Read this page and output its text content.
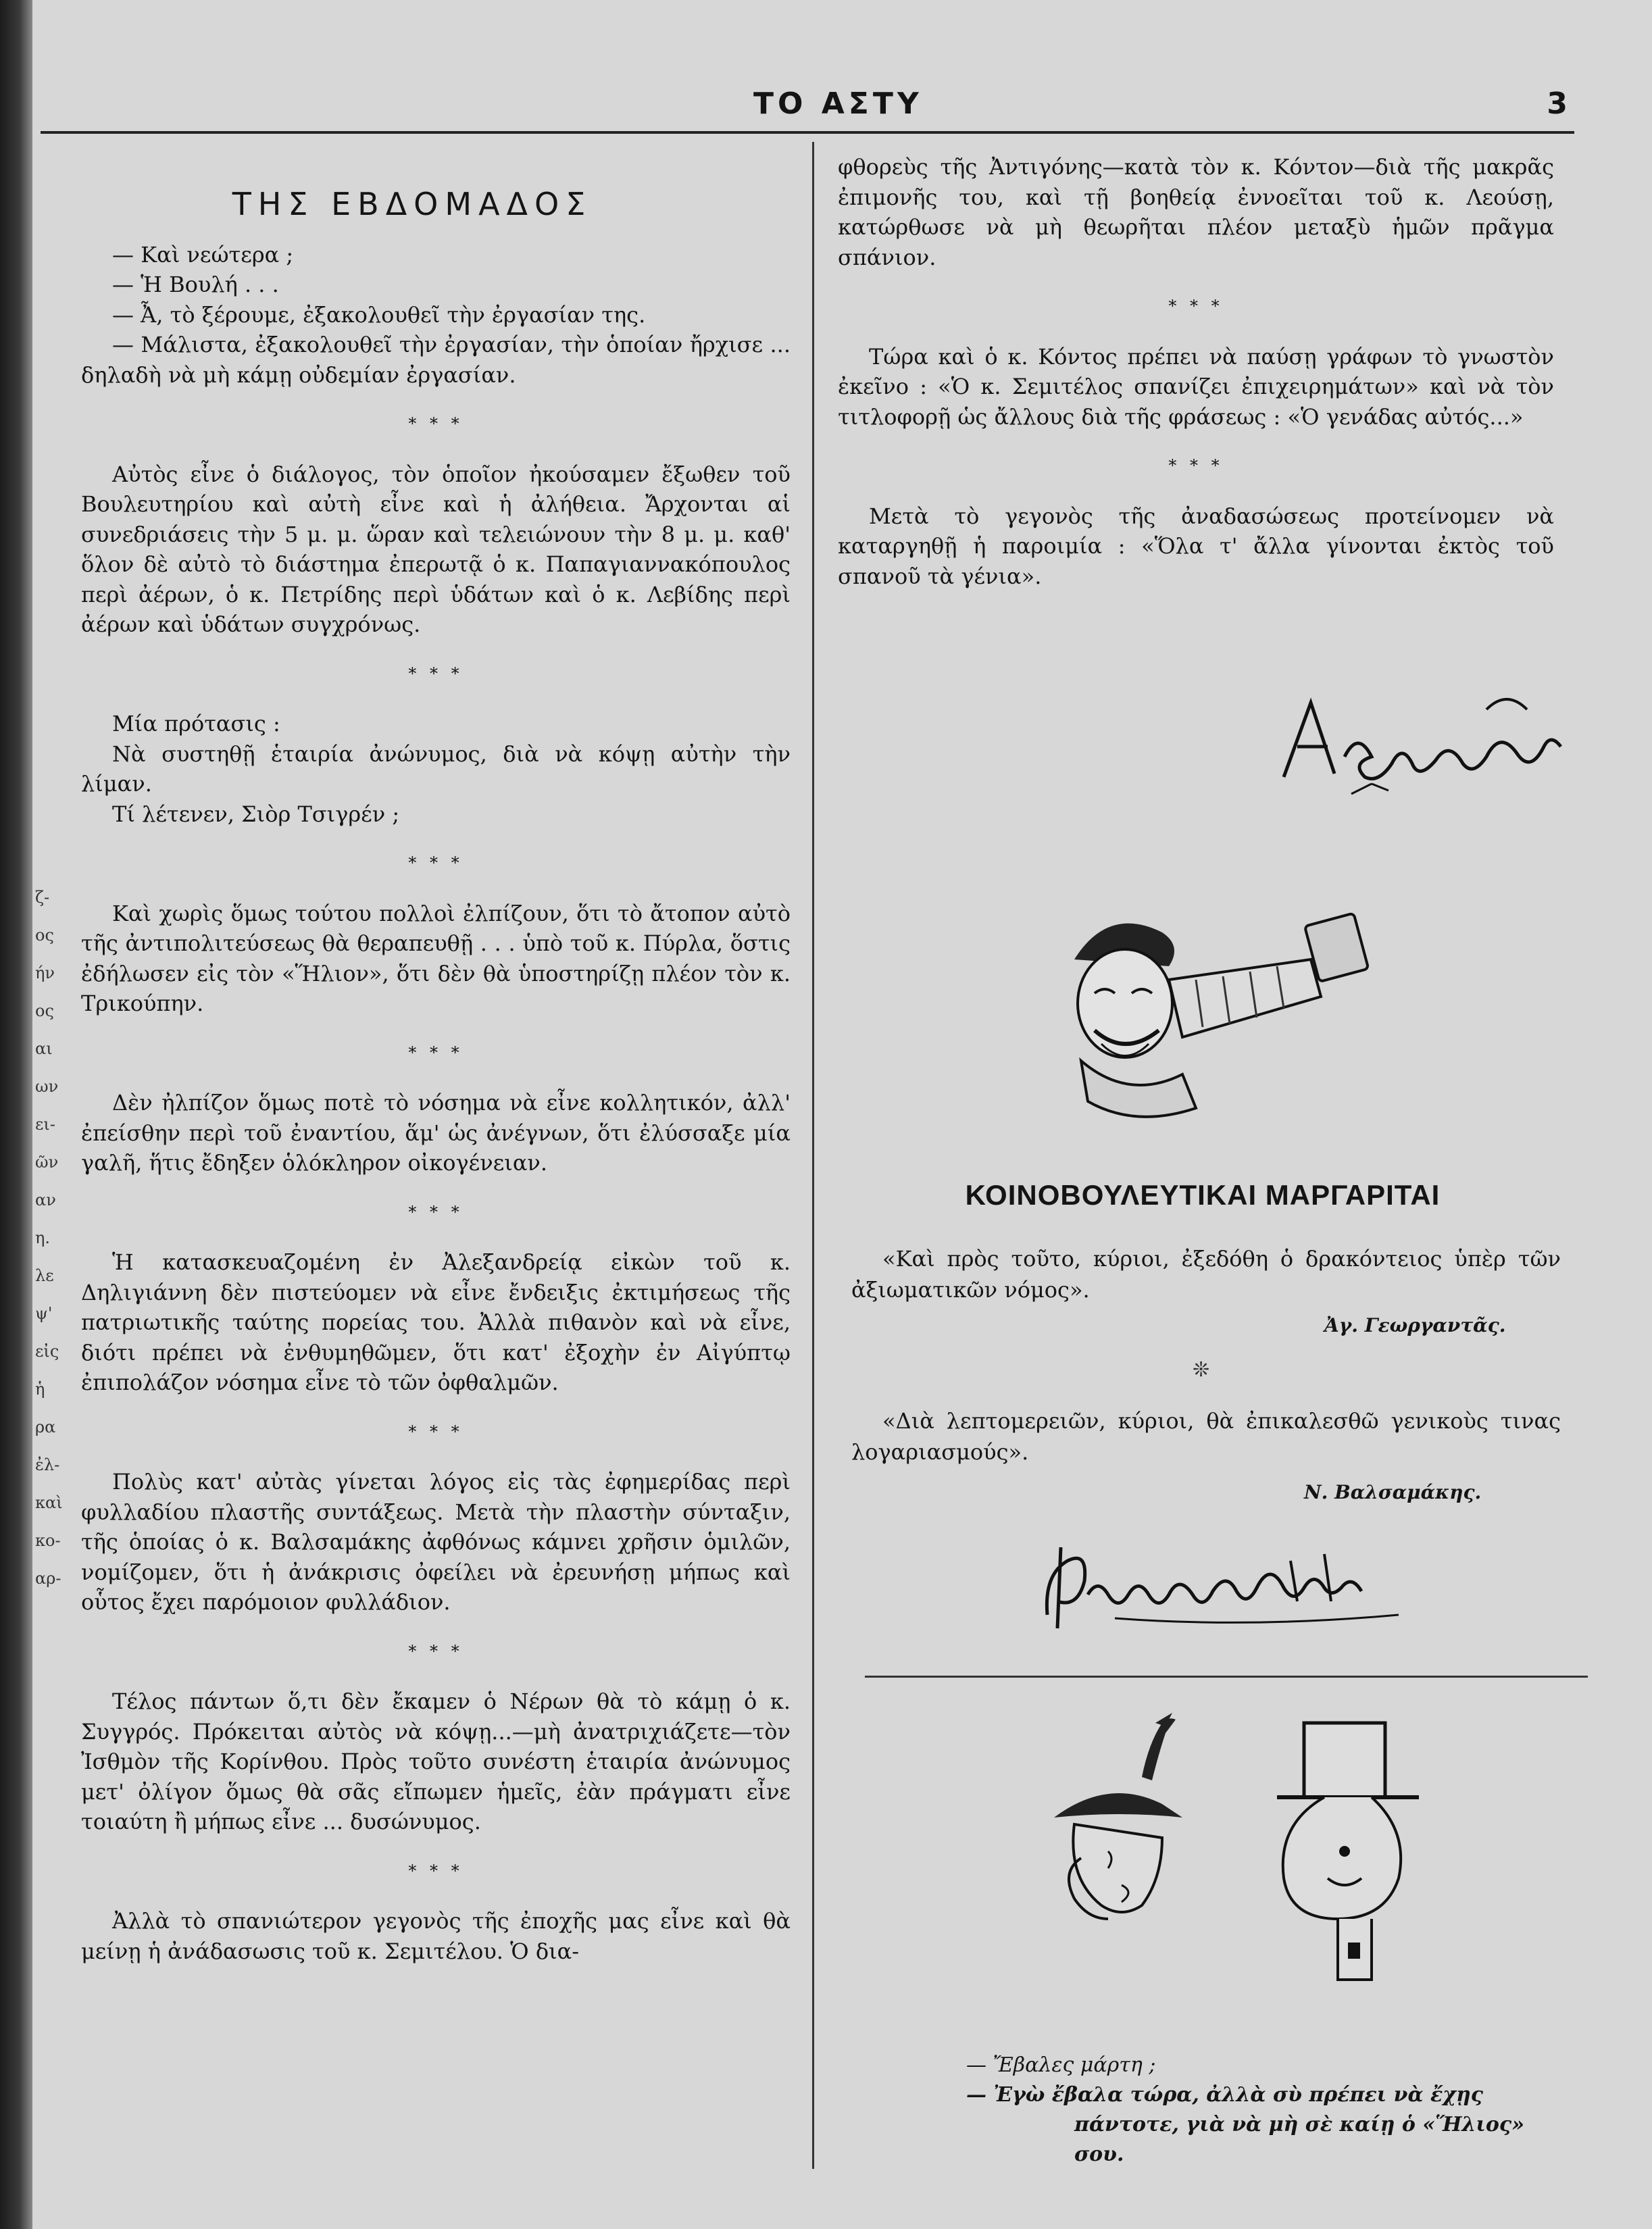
ζ-
ος
ήν
ος
αι
ων
ει-
ῶν
αν
η.
λε
ψ'
εἰς
ἡ
ρα
ἐλ-
καὶ
κο-
αρ-
ΤΟ ΑΣΤΥ	3

ΤΗΣ ΕΒΔΟΜΑΔΟΣ

— Καὶ νεώτερα ;

— Ἡ Βουλή . . .

— Ἆ, τὸ ξέρουμε, ἐξακολουθεῖ τὴν ἐργασίαν της.

— Μάλιστα, ἐξακολουθεῖ τὴν ἐργασίαν, τὴν ὁποίαν ἤρχισε ... δηλαδὴ νὰ μὴ κάμῃ οὐδεμίαν ἐργασίαν.

* * *

Αὐτὸς εἶνε ὁ διάλογος, τὸν ὁποῖον ἠκούσαμεν ἔξωθεν τοῦ Βουλευτηρίου καὶ αὐτὴ εἶνε καὶ ἡ ἀλήθεια. Ἄρχονται αἱ συνεδριάσεις τὴν 5 μ. μ. ὥραν καὶ τελειώνουν τὴν 8 μ. μ. καθ' ὅλον δὲ αὐτὸ τὸ διάστημα ἐπερωτᾷ ὁ κ. Παπαγιαννακόπουλος περὶ ἀέρων, ὁ κ. Πετρίδης περὶ ὑδάτων καὶ ὁ κ. Λεβίδης περὶ ἀέρων καὶ ὑδάτων συγχρόνως.

* * *

Μία πρότασις :

Νὰ συστηθῇ ἑταιρία ἀνώνυμος, διὰ νὰ κόψῃ αὐτὴν τὴν λίμαν.

Τί λέτενεν, Σιὸρ Τσιγρέν ;

* * *

Καὶ χωρὶς ὅμως τούτου πολλοὶ ἐλπίζουν, ὅτι τὸ ἄτοπον αὐτὸ τῆς ἀντιπολιτεύσεως θὰ θεραπευθῇ . . . ὑπὸ τοῦ κ. Πύρλα, ὅστις ἐδήλωσεν εἰς τὸν «Ἥλιον», ὅτι δὲν θὰ ὑποστηρίζῃ πλέον τὸν κ. Τρικούπην.

* * *

Δὲν ἠλπίζον ὅμως ποτὲ τὸ νόσημα νὰ εἶνε κολλητικόν, ἀλλ' ἐπείσθην περὶ τοῦ ἐναντίου, ἅμ' ὡς ἀνέγνων, ὅτι ἐλύσσαξε μία γαλῆ, ἥτις ἔδηξεν ὁλόκληρον οἰκογένειαν.

* * *

Ἡ κατασκευαζομένη ἐν Ἀλεξανδρείᾳ εἰκὼν τοῦ κ. Δηλιγιάννη δὲν πιστεύομεν νὰ εἶνε ἔνδειξις ἐκτιμήσεως τῆς πατριωτικῆς ταύτης πορείας του. Ἀλλὰ πιθανὸν καὶ νὰ εἶνε, διότι πρέπει νὰ ἐνθυμηθῶμεν, ὅτι κατ' ἐξοχὴν ἐν Αἰγύπτῳ ἐπιπολάζον νόσημα εἶνε τὸ τῶν ὀφθαλμῶν.

* * *

Πολὺς κατ' αὐτὰς γίνεται λόγος εἰς τὰς ἐφημερίδας περὶ φυλλαδίου πλαστῆς συντάξεως. Μετὰ τὴν πλαστὴν σύνταξιν, τῆς ὁποίας ὁ κ. Βαλσαμάκης ἀφθόνως κάμνει χρῆσιν ὁμιλῶν, νομίζομεν, ὅτι ἡ ἀνάκρισις ὀφείλει νὰ ἐρευνήσῃ μήπως καὶ οὗτος ἔχει παρόμοιον φυλλάδιον.

* * *

Τέλος πάντων ὅ,τι δὲν ἔκαμεν ὁ Νέρων θὰ τὸ κάμῃ ὁ κ. Συγγρός. Πρόκειται αὐτὸς νὰ κόψῃ...—μὴ ἀνατριχιάζετε—τὸν Ἰσθμὸν τῆς Κορίνθου. Πρὸς τοῦτο συνέστη ἑταιρία ἀνώνυμος μετ' ὀλίγον ὅμως θὰ σᾶς εἴπωμεν ἡμεῖς, ἐὰν πράγματι εἶνε τοιαύτη ἢ μήπως εἶνε ... δυσώνυμος.

* * *

Ἀλλὰ τὸ σπανιώτερον γεγονὸς τῆς ἐποχῆς μας εἶνε καὶ θὰ μείνῃ ἡ ἀνάδασωσις τοῦ κ. Σεμιτέλου. Ὁ δια-

φθορεὺς τῆς Ἀντιγόνης—κατὰ τὸν κ. Κόντον—διὰ τῆς μακρᾶς ἐπιμονῆς του, καὶ τῇ βοηθείᾳ ἐννοεῖται τοῦ κ. Λεούσῃ, κατώρθωσε νὰ μὴ θεωρῆται πλέον μεταξὺ ἡμῶν πρᾶγμα σπάνιον.

* * *

Τώρα καὶ ὁ κ. Κόντος πρέπει νὰ παύσῃ γράφων τὸ γνωστὸν ἐκεῖνο : «Ὁ κ. Σεμιτέλος σπανίζει ἐπιχειρημάτων» καὶ νὰ τὸν τιτλοφορῇ ὡς ἄλλους διὰ τῆς φράσεως : «Ὁ γενάδας αὐτός...»

* * *

Μετὰ τὸ γεγονὸς τῆς ἀναδασώσεως προτείνομεν νὰ καταργηθῇ ἡ παροιμία : «Ὅλα τ' ἄλλα γίνονται ἐκτὸς τοῦ σπανοῦ τὰ γένια».

ΚΟΙΝΟΒΟΥΛΕΥΤΙΚΑΙ ΜΑΡΓΑΡΙΤΑΙ

«Καὶ πρὸς τοῦτο, κύριοι, ἐξεδόθη ὁ δρακόντειος ὑπὲρ τῶν ἀξιωματικῶν νόμος».

Ἀγ. Γεωργαντᾶς.
❊

«Διὰ λεπτομερειῶν, κύριοι, θὰ ἐπικαλεσθῶ γενικοὺς τινας λογαριασμούς».

Ν. Βαλσαμάκης.

— Ἔβαλες μάρτη ;

— Ἐγὼ ἔβαλα τώρα, ἀλλὰ σὺ πρέπει νὰ ἔχῃς

πάντοτε, γιὰ νὰ μὴ σὲ καίῃ ὁ «Ἥλιος» σου.
